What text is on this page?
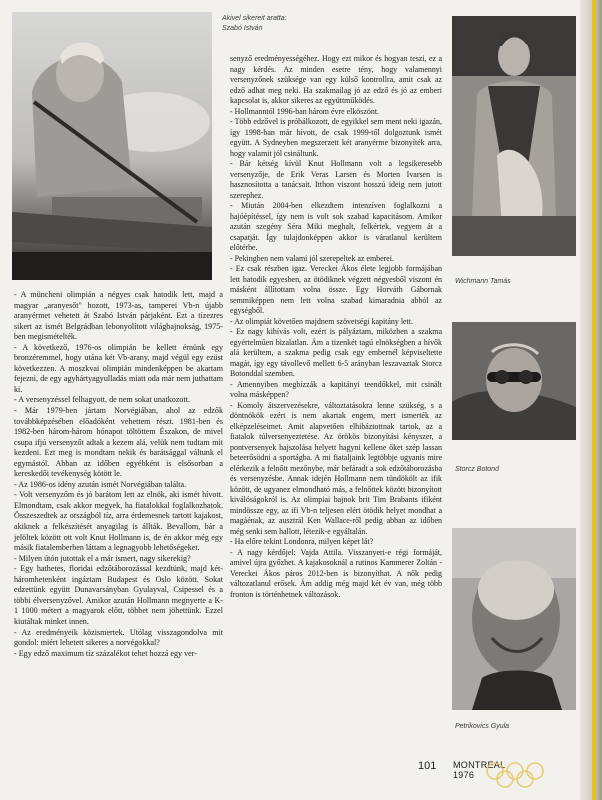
Wichmann Tamás
Storcz Botond
Petrikovics Gyula
Akivel sikereit aratta:
Szabó István

- A müncheni olimpián a négyes csak hatodik lett, majd a magyar „aranyesőt" hozott, 1973-as, tamperei Vb-n újabb aranyérmet vehetett át Szabó István párjaként. Ezt a tízezres sikert az ismét Belgrádban lebonyolított világbajnokság, 1975-ben megismételték.

- A következő, 1976-os olimpián be kellett érnünk egy bronzéremmel, hogy utána két Vb-arany, majd végül egy ezüst következzen. A moszkvai olimpián mindenképpen be akartam fejezni, de egy agyhártyagyulladás miatt oda már nem juthattam ki.

- A versenyzéssel felhagyott, de nem sokat unatkozott.

- Már 1979-ben jártam Norvégiában, ahol az edzők továbbképzésében előadóként vehettem részt. 1981-ben és 1982-ben három-három hónapot töltöttem Északon, de mivel csupa ifjú versenyzőt adtak a kezem alá, velük nem tudtam mit kezdeni. Ezt meg is mondtam nekik és barátsággal váltunk el egymástól. Abban az időben egyébként is elsősorban a kereskedői tevékenység kötött le.

- Az 1986-os idény azután ismét Norvégiában találta.

- Volt versenyzőm és jó barátom lett az elnök, aki ismét hívott. Elmondtam, csak akkor megyek, ha fiatalokkal foglalkozhatok. Összeszedtek az országból tíz, arra érdemesnek tartott kajakost, akiknek a felkészítését anyagilag is állták. Bevallom, bár a jelöltek között ott volt Knut Hollmann is, de én akkor még egy másik fiatalemberben láttam a legnagyobb lehetőségeket.

- Milyen útón jutottak el a már ismert, nagy sikerekig?

- Egy hathetes, floridai edzőtáborozással kezdtünk, majd két-háromhetenként ingáztam Budapest és Oslo között. Sokat edzettünk együtt Dunavarsányban Gyulayval, Csipessel és a többi élversenyzővel. Amikor azután Hollmann megnyerte a K-1 1000 métert a magyarok előtt, többet nem jöhettünk. Ezzel kiutáltak minket innen.

- Az eredményeik közismertek. Utólag visszagondolva mit gondol: miért lehetett sikeres a norvégokkal?

- Egy edző maximum tíz százalékot tehet hozzá egy ver-

senyző eredményességéhez. Hogy ezt mikor és hogyan teszi, ez a nagy kérdés. Az minden esetre tény, hogy valamennyi versenyzőnek szüksége van egy külső kontrollra, amit csak az edző adhat meg neki. Ha szakmailag jó az edző és jó az emberi kapcsolat is, akkor sikeres az együttműködés.

- Hollmanntól 1996-ban három évre elköszönt.

- Több edzővel is próbálkozott, de egyikkel sem ment neki igazán, így 1998-ban már hívott, de csak 1999-től dolgoztunk ismét együtt. A Sydneyben megszerzett két aranyérme bizonyíték arra, hogy valamit jól csináltunk.

- Bár kétség kívül Knut Hollmann volt a legsikeresebb versenyzője, de Erik Veras Larsen és Morten Ivarsen is hasznosította a tanácsait. Itthon viszont hosszú ideig nem jutott szerephez.

- Miután 2004-ben elkezdtem intenzíven foglalkozni a hajóépítéssel, így nem is volt sok szabad kapacitásom. Amikor azután szegény Séra Miki meghalt, felkértek, vegyem át a csapatját. Így tulajdonképpen akkor is váratlanul kerültem előtérbe.

- Pekingben nem valami jól szerepeltek az emberei.

- Ez csak részben igaz. Vereckei Ákos élete legjobb formájában lett hatodik egyesben, az ötödiknek végzett négyesből viszont én másként állítottam volna össze. Egy Horváth Gábornak semmiképpen nem lett volna szabad kimaradnia abból az egységből.

- Az olimpiát követően majdnem szövetségi kapitány lett.

- Ez nagy kihívás volt, ezért is pályáztam, miközben a szakma egyértelműen bizalatlan. Ám a tizenkét tagú elnökségben a hívők alá kerültem, a szakma pedig csak egy embernél képviseltette magát, így egy távollevő mellett 6-5 arányban leszavaztak Storcz Botonddal szemben.

- Amennyiben megbízzák a kapitányi teendőkkel, mit csinált volna másképpen?

- Komoly átszervezésekre, változtatásokra lenne szükség, s a döntnökök ezért is nem akartak engem, mert ismerték az elképzeléseimet. Amit alapvetően elhibáztottnak tartok, az a fiatalok túlversenyeztetése. Az örökös bizonyítási kényszer, a pontversenyek hajszolása helyett hagyni kellene őket szép lassan beteerősödni a sportágba. A mi fiataljaink legtöbbje ugyanis mire elérkezik a felnőtt mezőnybe, már befáradt a sok edzőtáborozásba és versenyzésbe. Annak idején Hollmann nem tündökölt az ifik között, de ugyanez elmondható más, a felnőttek között bizonyított kiválóságokról is. Az olimpiai bajnok brit Tim Brabants ifiként mindössze egy, az ifi Vb-n teljesen elért ötödik helyet mondhat a magáénak, az ausztrál Ken Wallace-ről pedig abban az időben még senki sem hallott, létezik-e egyáltalán.

- Ha előre tekint Londonra, milyen képet lát?

- A nagy kérdőjel: Vajda Attila. Visszanyeri-e régi formáját, amivel újra győzhet. A kajakosoknál a rutinos Kammerer Zoltán - Vereckei Ákos páros 2012-ben is bizonyíthat. A nők pedig változatlanul erősek. Ám addig még majd két év van, még több fronton is történhetnek változások.

101 MONTREAL
1976
